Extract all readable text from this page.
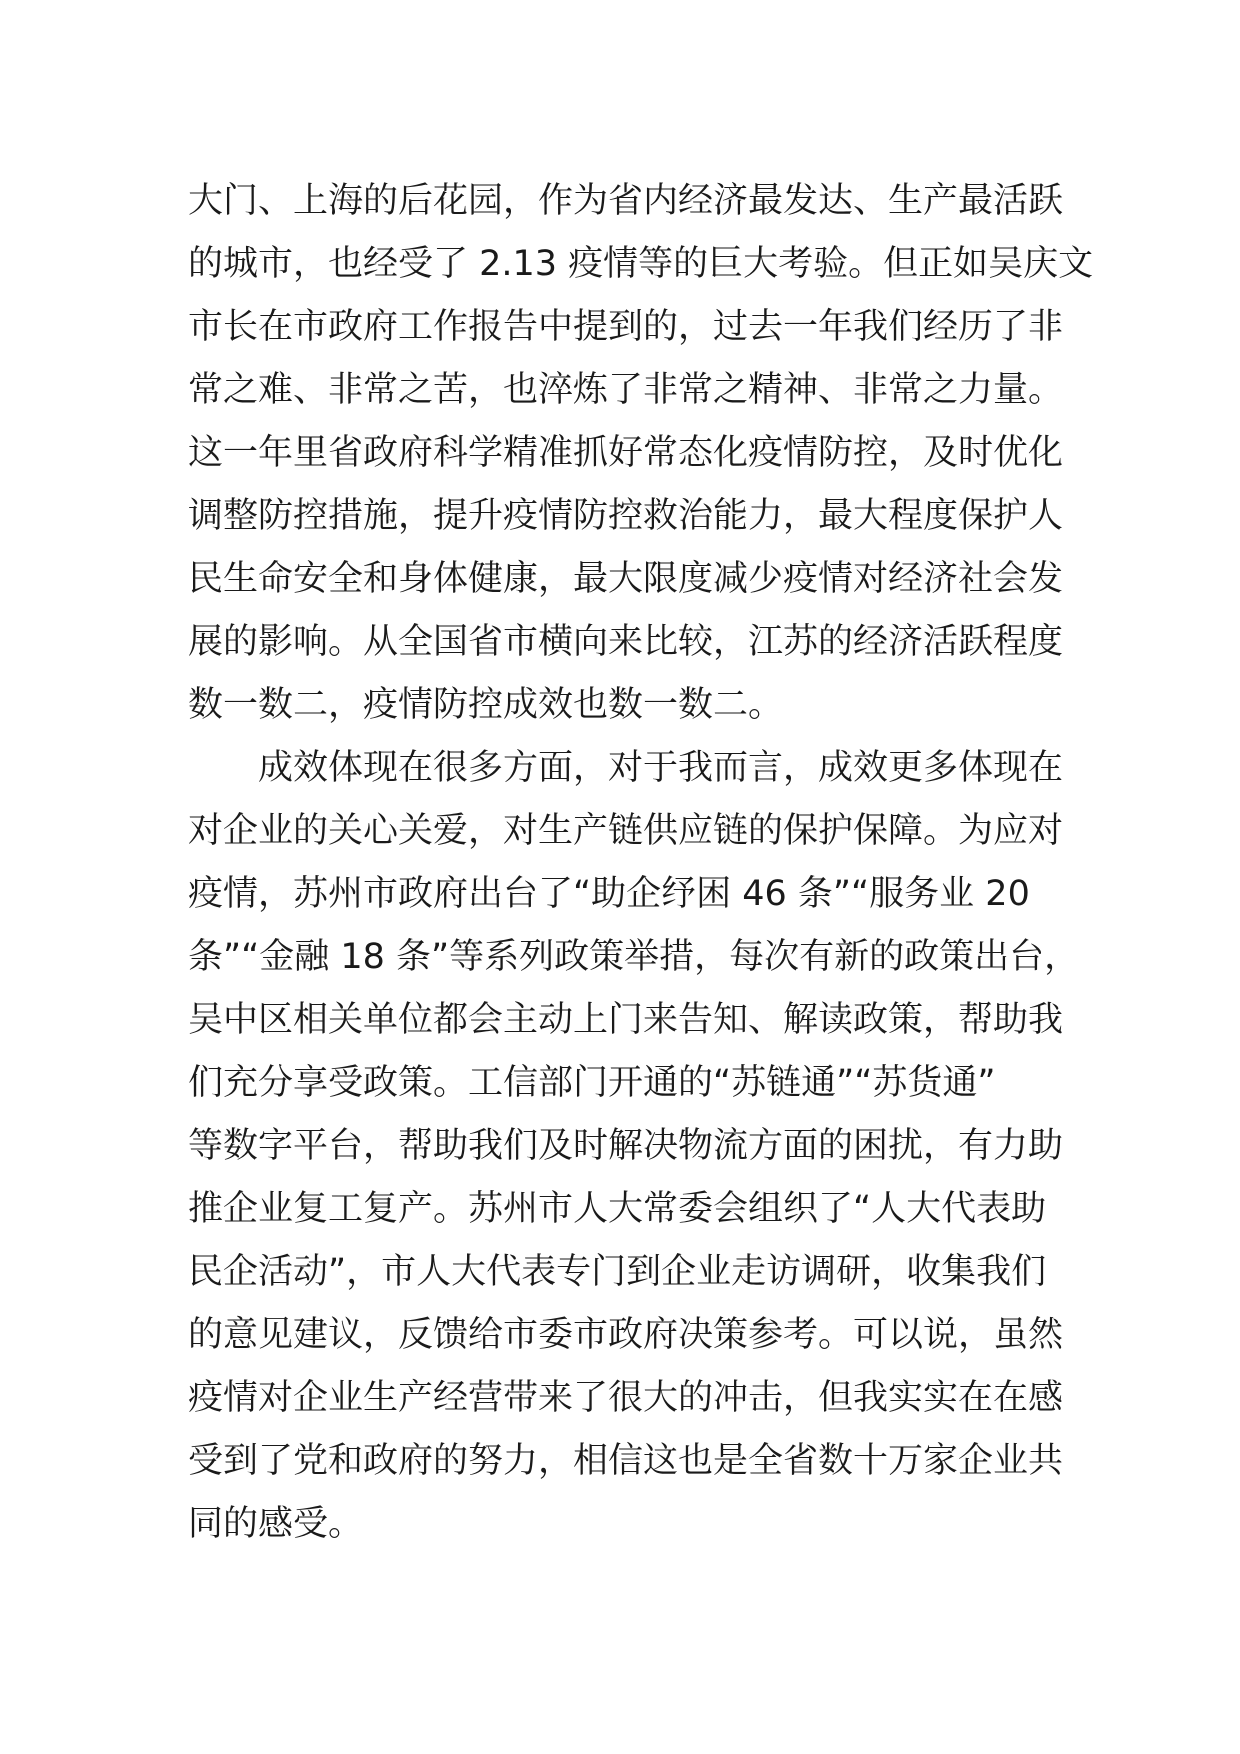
大门、上海的后花园，作为省内经济最发达、生产最活跃
的城市，也经受了 2.13 疫情等的巨大考验。但正如吴庆文
市长在市政府工作报告中提到的，过去一年我们经历了非
常之难、非常之苦，也淬炼了非常之精神、非常之力量。
这一年里省政府科学精准抓好常态化疫情防控，及时优化
调整防控措施，提升疫情防控救治能力，最大程度保护人
民生命安全和身体健康，最大限度减少疫情对经济社会发
展的影响。从全国省市横向来比较，江苏的经济活跃程度
数一数二，疫情防控成效也数一数二。
成效体现在很多方面，对于我而言，成效更多体现在
对企业的关心关爱，对生产链供应链的保护保障。为应对
疫情，苏州市政府出台了“助企纾困 46 条”“服务业 20
条”“金融 18 条”等系列政策举措，每次有新的政策出台，
吴中区相关单位都会主动上门来告知、解读政策，帮助我
们充分享受政策。工信部门开通的“苏链通”“苏货通”
等数字平台，帮助我们及时解决物流方面的困扰，有力助
推企业复工复产。苏州市人大常委会组织了“人大代表助
民企活动”，市人大代表专门到企业走访调研，收集我们
的意见建议，反馈给市委市政府决策参考。可以说，虽然
疫情对企业生产经营带来了很大的冲击，但我实实在在感
受到了党和政府的努力，相信这也是全省数十万家企业共
同的感受。
